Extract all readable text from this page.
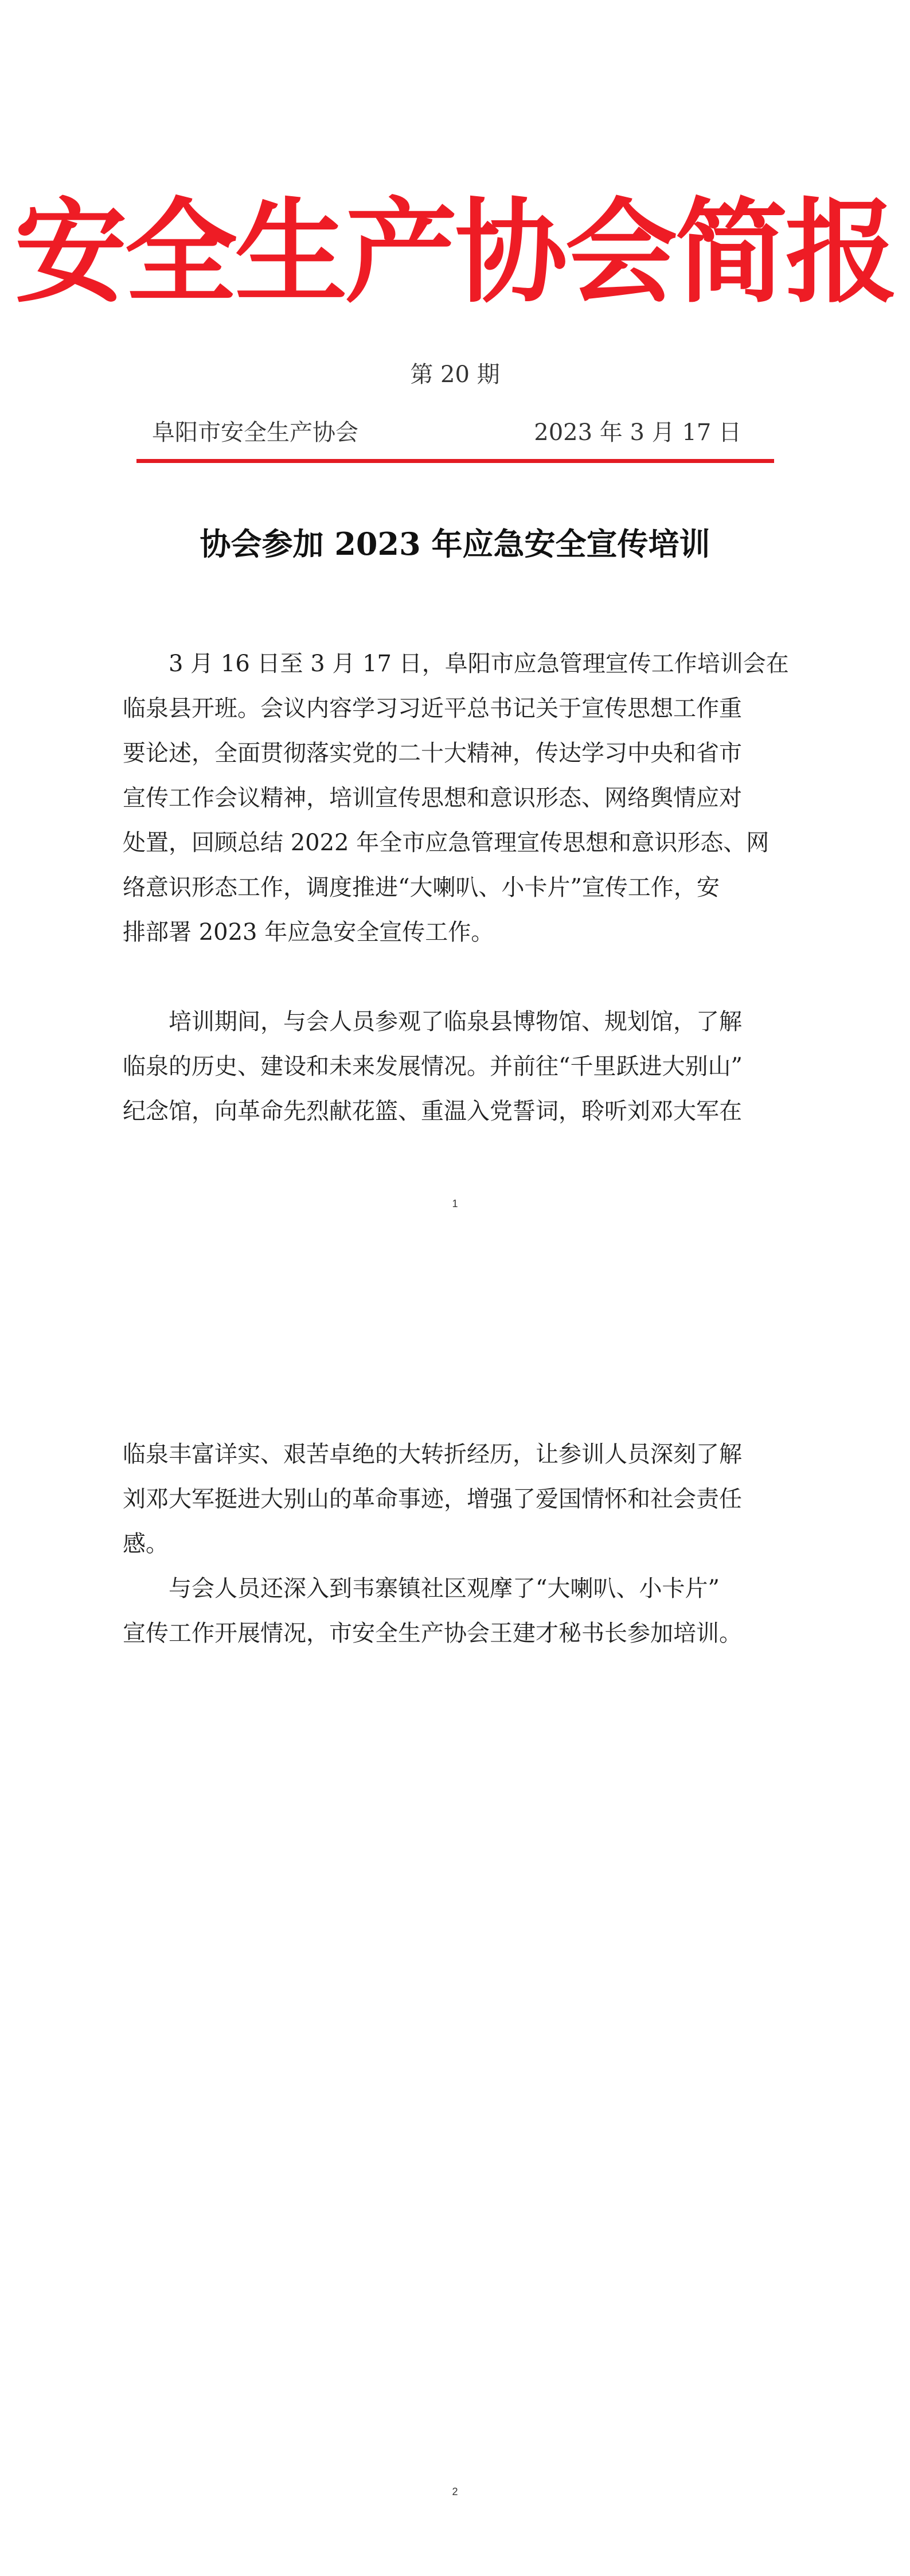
安全生产协会简报
第 20 期
阜阳市安全生产协会	2023 年 3 月 17 日
协会参加 2023 年应急安全宣传培训

3 月 16 日至 3 月 17 日，阜阳市应急管理宣传工作培训会在
临泉县开班。会议内容学习习近平总书记关于宣传思想工作重
要论述，全面贯彻落实党的二十大精神，传达学习中央和省市
宣传工作会议精神，培训宣传思想和意识形态、网络舆情应对
处置，回顾总结 2022 年全市应急管理宣传思想和意识形态、网
络意识形态工作，调度推进“大喇叭、小卡片”宣传工作，安
排部署 2023 年应急安全宣传工作。

培训期间，与会人员参观了临泉县博物馆、规划馆，了解
临泉的历史、建设和未来发展情况。并前往“千里跃进大别山”
纪念馆，向革命先烈献花篮、重温入党誓词，聆听刘邓大军在

1
2

临泉丰富详实、艰苦卓绝的大转折经历，让参训人员深刻了解
刘邓大军挺进大别山的革命事迹，增强了爱国情怀和社会责任
感。

与会人员还深入到韦寨镇社区观摩了“大喇叭、小卡片”
宣传工作开展情况，市安全生产协会王建才秘书长参加培训。
